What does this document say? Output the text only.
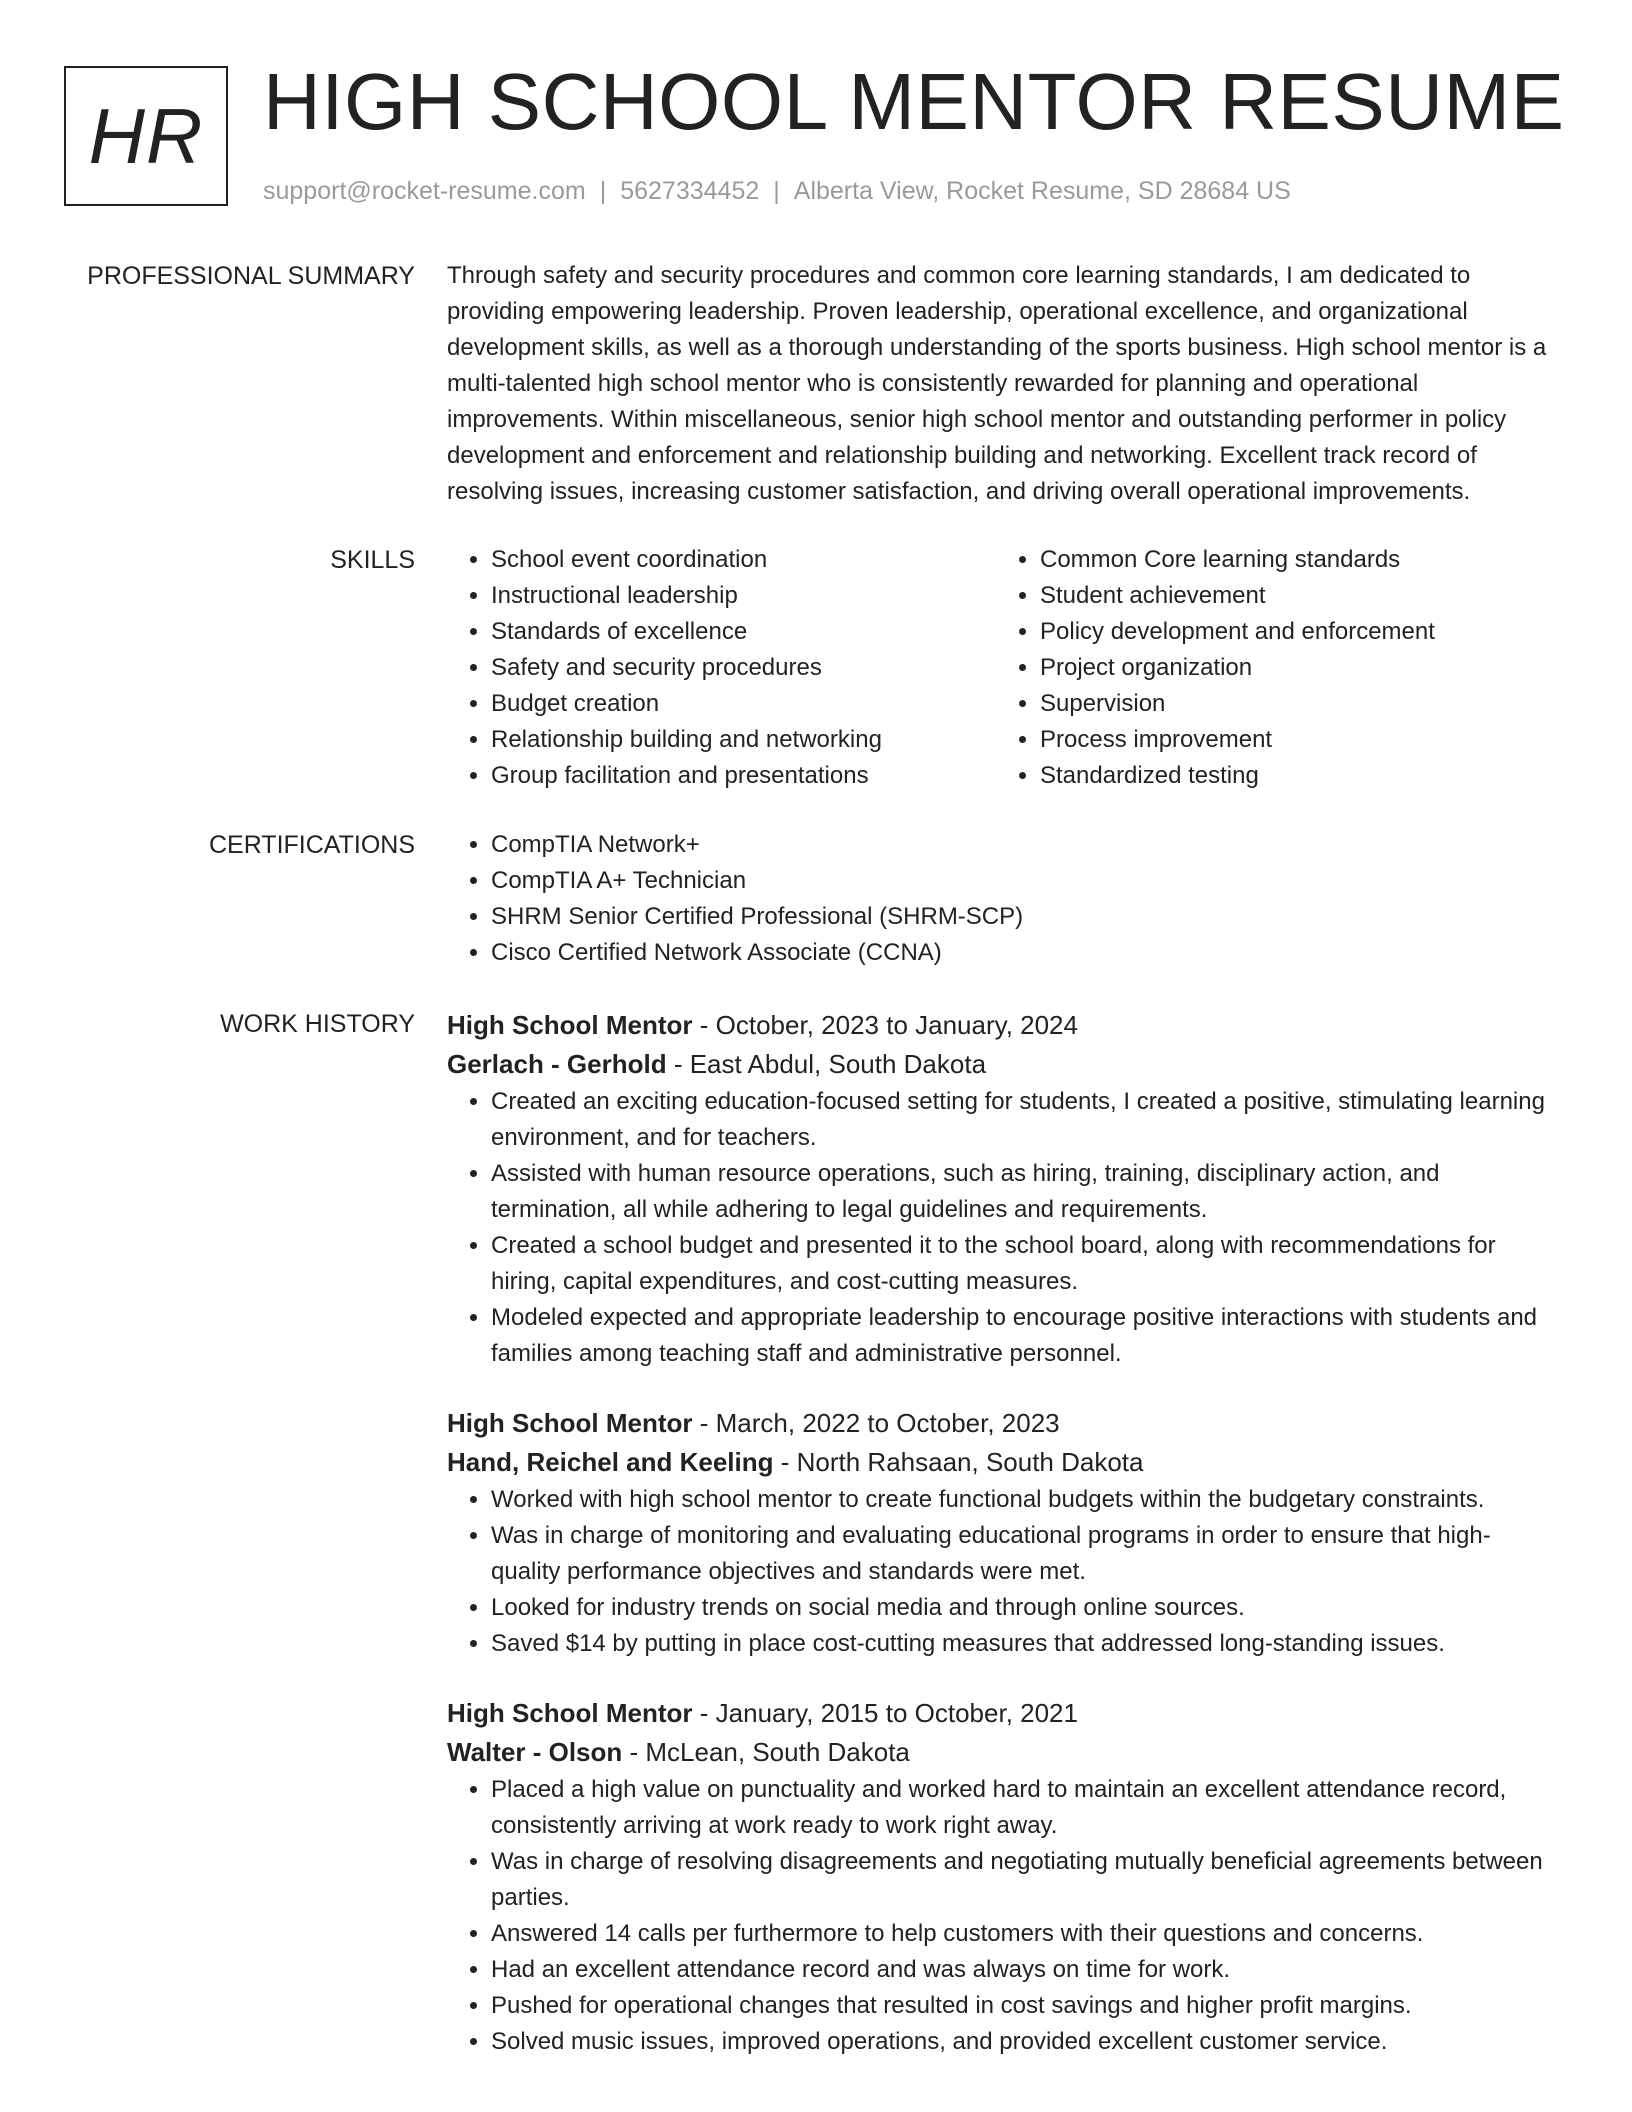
HR HIGH SCHOOL MENTOR RESUME
support@rocket-resume.com | 5627334452 | Alberta View, Rocket Resume, SD 28684 US
PROFESSIONAL SUMMARY Through safety and security procedures and common core learning standards, I am dedicated to providing empowering leadership. Proven leadership, operational excellence, and organizational development skills, as well as a thorough understanding of the sports business. High school mentor is a multi-talented high school mentor who is consistently rewarded for planning and operational improvements. Within miscellaneous, senior high school mentor and outstanding performer in policy development and enforcement and relationship building and networking. Excellent track record of resolving issues, increasing customer satisfaction, and driving overall operational improvements.

SKILLS	• School event coordination
• Instructional leadership
• Standards of excellence
• Safety and security procedures
• Budget creation
• Relationship building and networking
• Group facilitation and presentations
• Common Core learning standards
• Student achievement
• Policy development and enforcement
• Project organization
• Supervision
• Process improvement
• Standardized testing
CERTIFICATIONS	• CompTIA Network+
• CompTIA A+ Technician
• SHRM Senior Certified Professional (SHRM-SCP)
• Cisco Certified Network Associate (CCNA)
WORK HISTORY High School Mentor - October, 2023 to January, 2024
Gerlach - Gerhold - East Abdul, South Dakota
• Created an exciting education-focused setting for students, I created a positive, stimulating learning environment, and for teachers.
• Assisted with human resource operations, such as hiring, training, disciplinary action, and termination, all while adhering to legal guidelines and requirements.
• Created a school budget and presented it to the school board, along with recommendations for hiring, capital expenditures, and cost-cutting measures.
• Modeled expected and appropriate leadership to encourage positive interactions with students and families among teaching staff and administrative personnel.
High School Mentor - March, 2022 to October, 2023
Hand, Reichel and Keeling - North Rahsaan, South Dakota
• Worked with high school mentor to create functional budgets within the budgetary constraints.
• Was in charge of monitoring and evaluating educational programs in order to ensure that high-quality performance objectives and standards were met.
• Looked for industry trends on social media and through online sources.
• Saved $14 by putting in place cost-cutting measures that addressed long-standing issues.
High School Mentor - January, 2015 to October, 2021
Walter - Olson - McLean, South Dakota
• Placed a high value on punctuality and worked hard to maintain an excellent attendance record, consistently arriving at work ready to work right away.
• Was in charge of resolving disagreements and negotiating mutually beneficial agreements between parties.
• Answered 14 calls per furthermore to help customers with their questions and concerns.
• Had an excellent attendance record and was always on time for work.
• Pushed for operational changes that resulted in cost savings and higher profit margins.
• Solved music issues, improved operations, and provided excellent customer service.
